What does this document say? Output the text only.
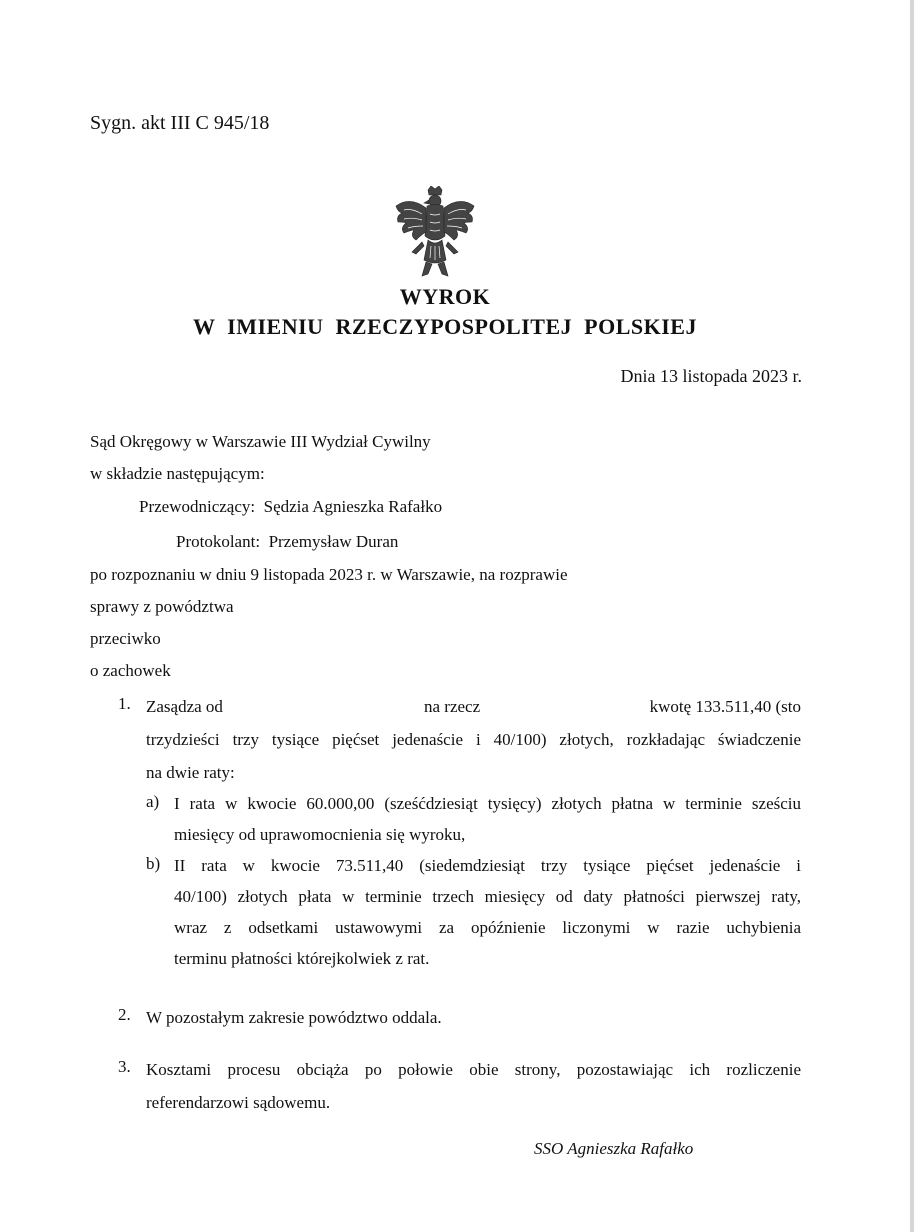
Sygn. akt III C 945/18
WYROK
W IMIENIU RZECZYPOSPOLITEJ POLSKIEJ
Dnia 13 listopada 2023 r.
Sąd Okręgowy w Warszawie III Wydział Cywilny
w składzie następującym:
Przewodniczący: Sędzia Agnieszka Rafałko
Protokolant: Przemysław Duran
po rozpoznaniu w dniu 9 listopada 2023 r. w Warszawie, na rozprawie
sprawy z powództwa
przeciwko
o zachowek
1. Zasądza od	na rzecz	kwotę 133.511,40 (sto
trzydzieści trzy tysiące pięćset jedenaście i 40/100) złotych, rozkładając świadczenie
na dwie raty:
a) I rata w kwocie 60.000,00 (sześćdziesiąt tysięcy) złotych płatna w terminie sześciu
miesięcy od uprawomocnienia się wyroku,
b) II rata w kwocie 73.511,40 (siedemdziesiąt trzy tysiące pięćset jedenaście i
40/100) złotych płata w terminie trzech miesięcy od daty płatności pierwszej raty,
wraz z odsetkami ustawowymi za opóźnienie liczonymi w razie uchybienia
terminu płatności którejkolwiek z rat.
2. W pozostałym zakresie powództwo oddala.
3. Kosztami procesu obciąża po połowie obie strony, pozostawiając ich rozliczenie
referendarzowi sądowemu.
SSO Agnieszka Rafałko
